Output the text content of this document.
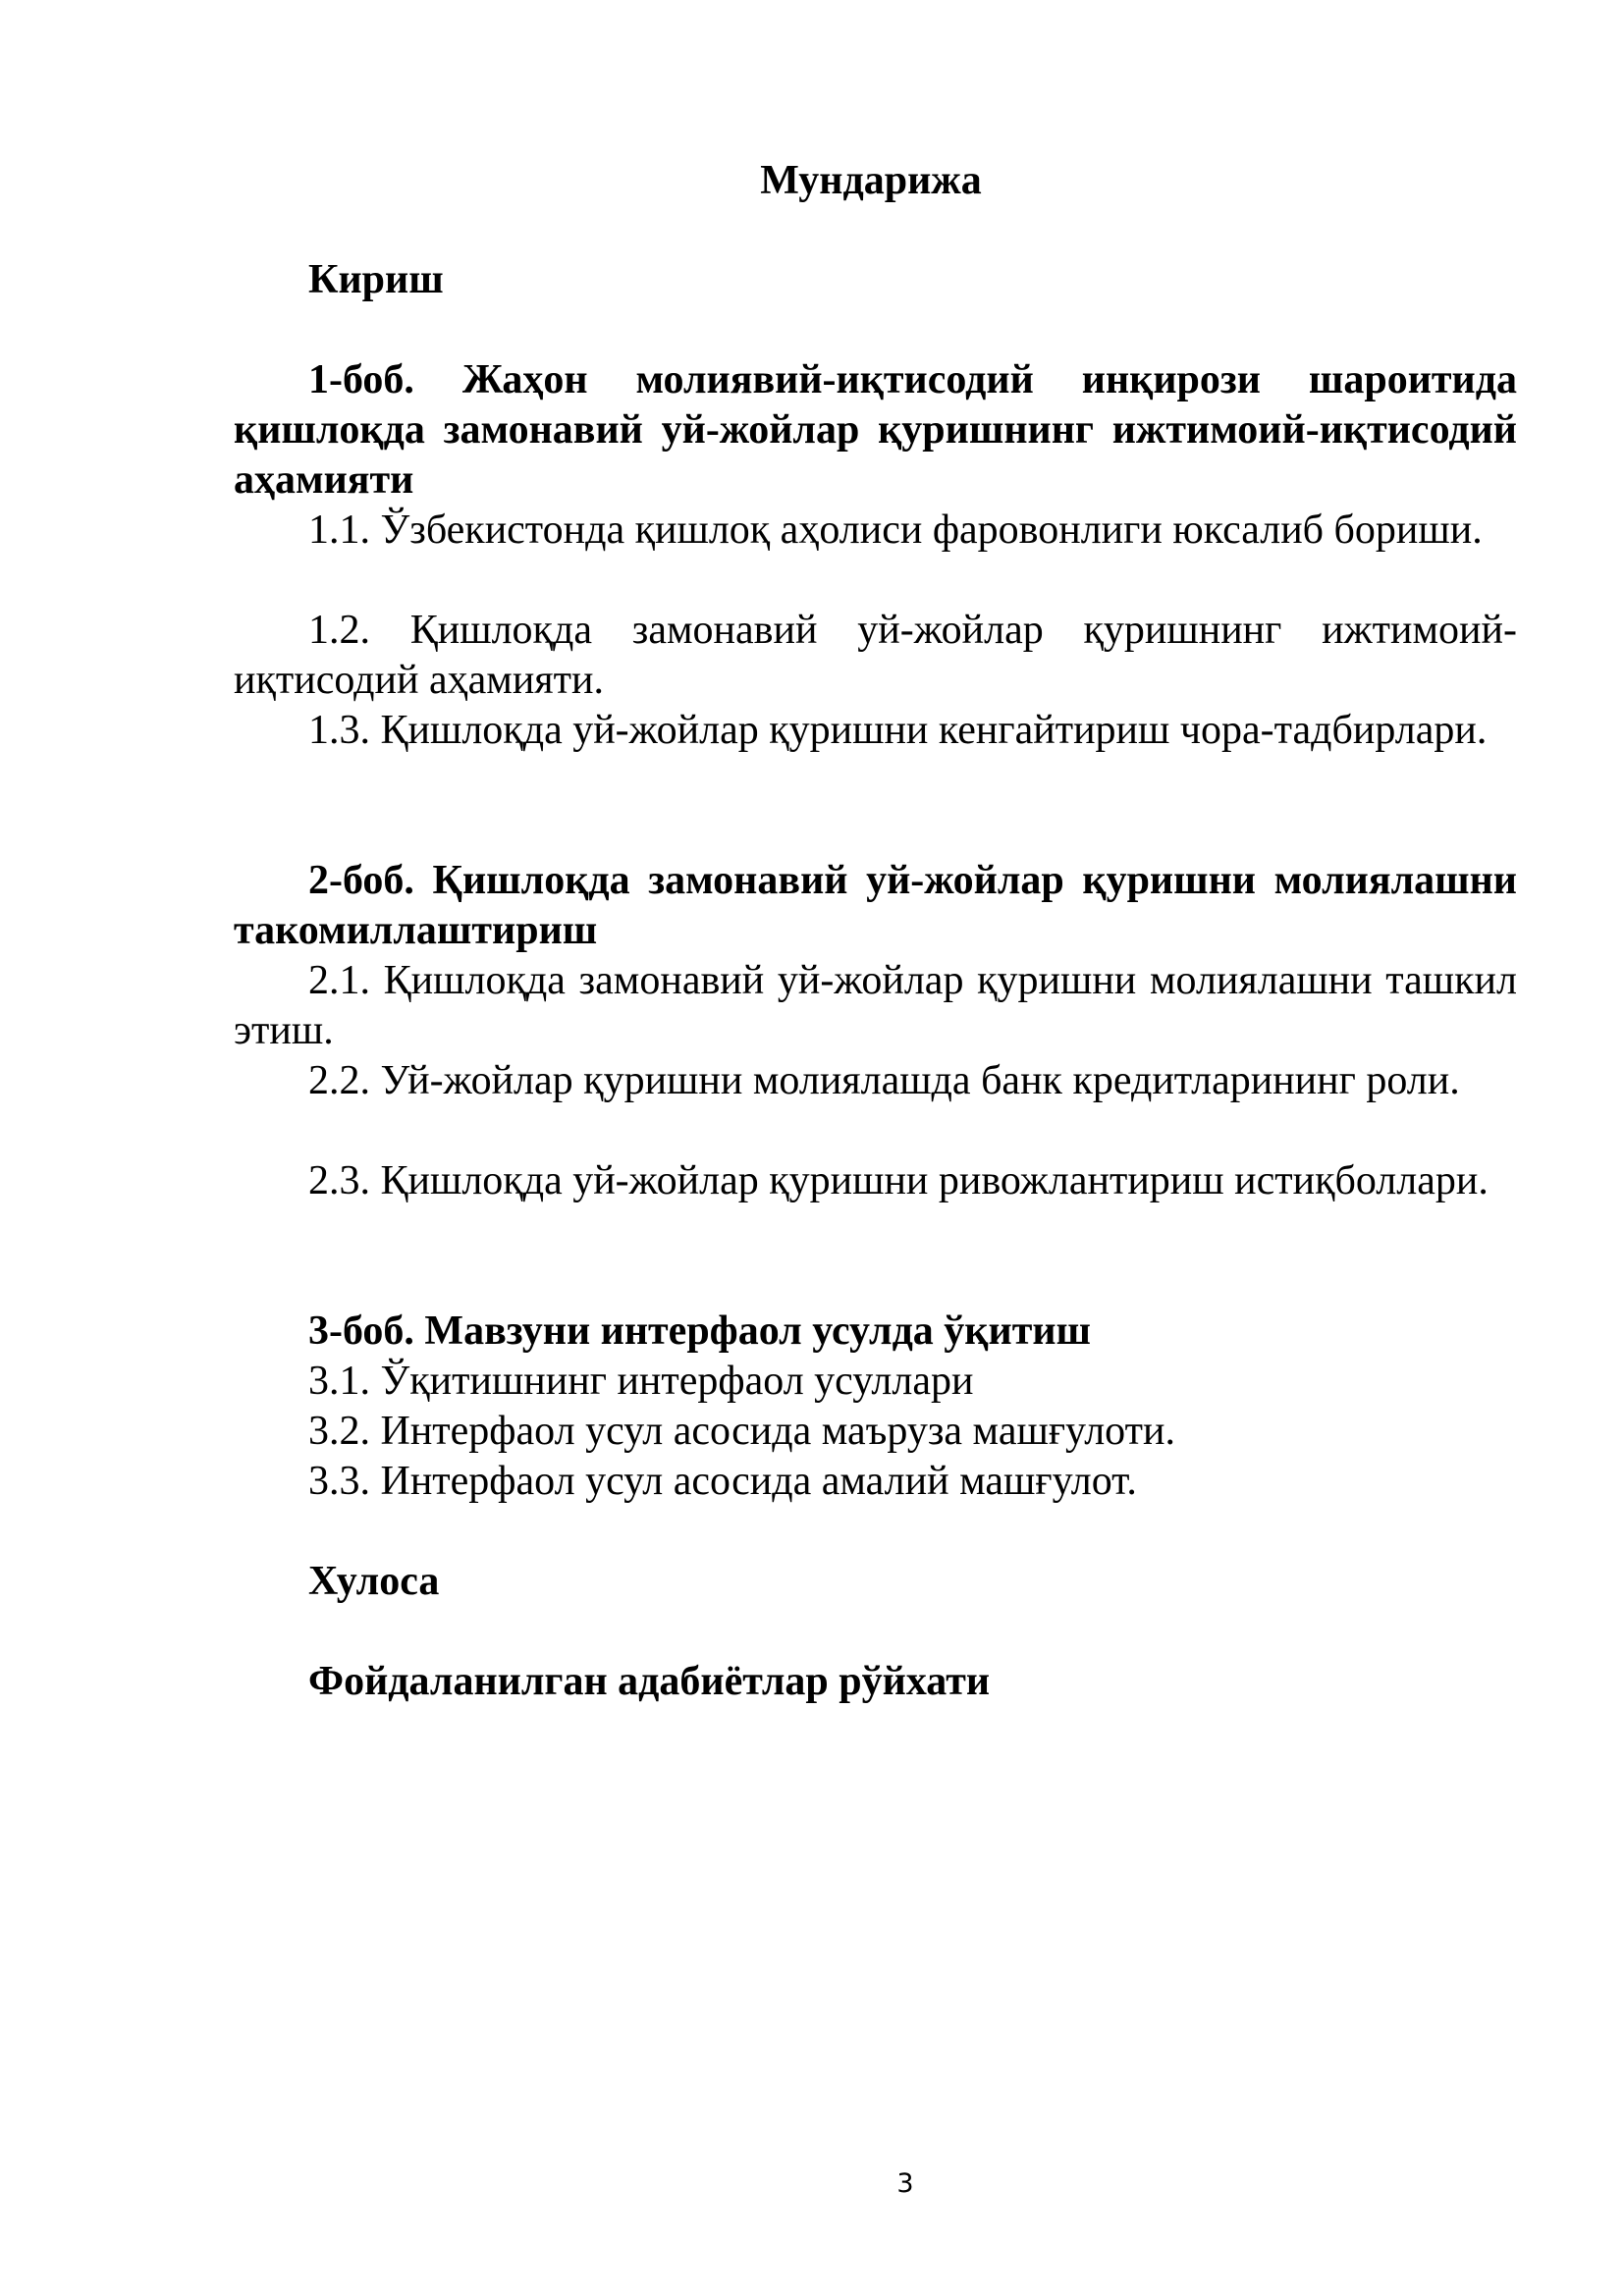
Мундарижа
Кириш
1-боб. Жаҳон молиявий-иқтисодий инқирози шароитида қишлоқда замонавий уй-жойлар қуришнинг ижтимоий-иқтисодий аҳамияти
1.1. Ўзбекистонда қишлоқ аҳолиси фаровонлиги юксалиб бориши.
1.2. Қишлоқда замонавий уй-жойлар қуришнинг ижтимоий-иқтисодий аҳамияти.
1.3. Қишлоқда уй-жойлар қуришни кенгайтириш чора-тадбирлари.
2-боб. Қишлоқда замонавий уй-жойлар қуришни молиялашни такомиллаштириш
2.1. Қишлоқда замонавий уй-жойлар қуришни молиялашни ташкил этиш.
2.2. Уй-жойлар қуришни молиялашда банк кредитларининг роли.
2.3. Қишлоқда уй-жойлар қуришни ривожлантириш истиқболлари.
3-боб. Мавзуни интерфаол усулда ўқитиш
3.1. Ўқитишнинг интерфаол усуллари
3.2. Интерфаол усул асосида маъруза машғулоти.
3.3. Интерфаол усул асосида амалий машғулот.
Хулоса
Фойдаланилган адабиётлар рўйхати
3
